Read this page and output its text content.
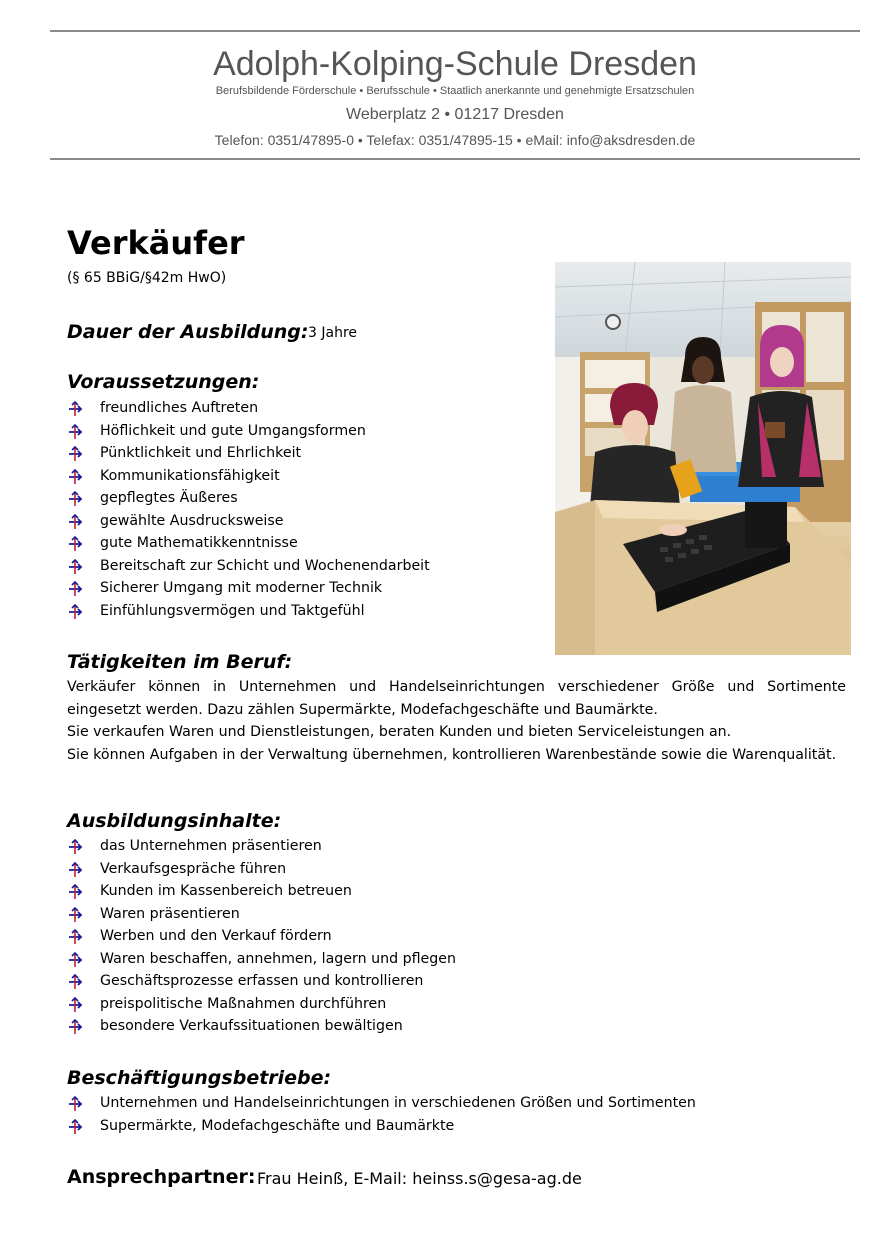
Adolph-Kolping-Schule Dresden
Berufsbildende Förderschule • Berufsschule • Staatlich anerkannte und genehmigte Ersatzschulen
Weberplatz 2 • 01217 Dresden
Telefon: 0351/47895-0 • Telefax: 0351/47895-15 • eMail: info@aksdresden.de
Verkäufer
(§ 65 BBiG/§42m HwO)
Dauer der Ausbildung: 3 Jahre
Voraussetzungen:
freundliches Auftreten
Höflichkeit und gute Umgangsformen
Pünktlichkeit und Ehrlichkeit
Kommunikationsfähigkeit
gepflegtes Äußeres
gewählte Ausdrucksweise
gute Mathematikkenntnisse
Bereitschaft zur Schicht und Wochenendarbeit
Sicherer Umgang mit moderner Technik
Einfühlungsvermögen und Taktgefühl
Tätigkeiten im Beruf:

Verkäufer können in Unternehmen und Handelseinrichtungen verschiedener Größe und Sortimente eingesetzt werden. Dazu zählen Supermärkte, Modefachgeschäfte und Baumärkte.

Sie verkaufen Waren und Dienstleistungen, beraten Kunden und bieten Serviceleistungen an.

Sie können Aufgaben in der Verwaltung übernehmen, kontrollieren Warenbestände sowie die Warenqualität.

Ausbildungsinhalte:
das Unternehmen präsentieren
Verkaufsgespräche führen
Kunden im Kassenbereich betreuen
Waren präsentieren
Werben und den Verkauf fördern
Waren beschaffen, annehmen, lagern und pflegen
Geschäftsprozesse erfassen und kontrollieren
preispolitische Maßnahmen durchführen
besondere Verkaufssituationen bewältigen
Beschäftigungsbetriebe:
Unternehmen und Handelseinrichtungen in verschiedenen Größen und Sortimenten
Supermärkte, Modefachgeschäfte und Baumärkte
Ansprechpartner: Frau Heinß, E-Mail: heinss.s@gesa-ag.de
